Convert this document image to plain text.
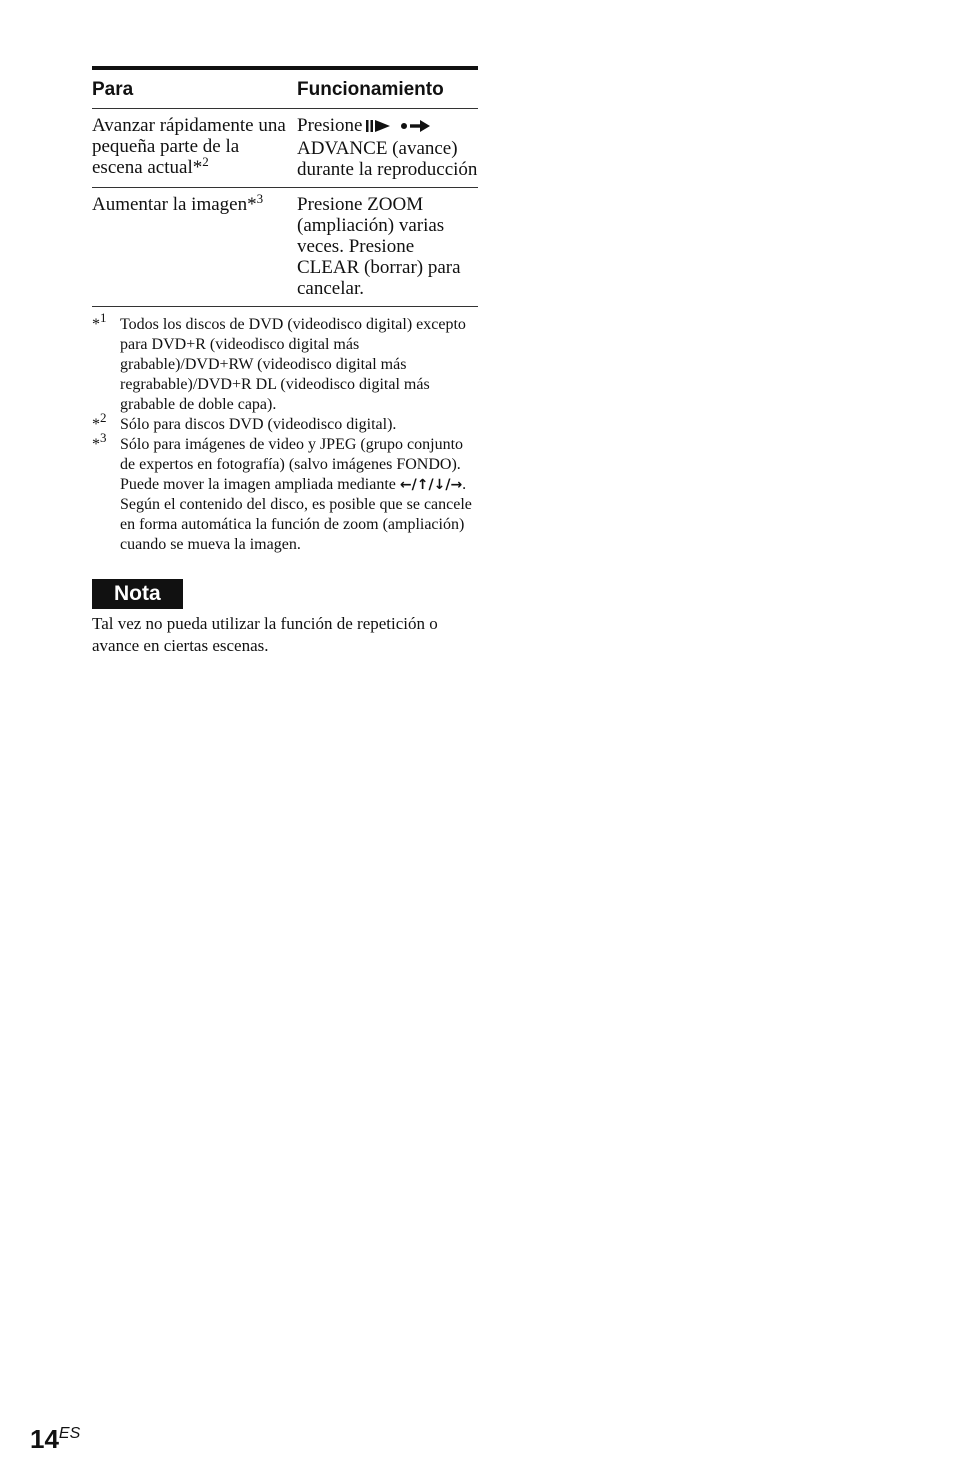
Para	Funcionamiento
Avanzar rápidamente una pequeña parte de la escena actual*$^2$	Presione
ADVANCE (avance) durante la reproducción
Aumentar la imagen*$^3$	Presione ZOOM (ampliación) varias veces. Presione CLEAR (borrar) para cancelar.
*$^1$ Todos los discos de DVD (videodisco digital) excepto para DVD+R (videodisco digital más grabable)/DVD+RW (videodisco digital más regrabable)/DVD+R DL (videodisco digital más grabable de doble capa).
*$^2$ Sólo para discos DVD (videodisco digital).
*$^3$ Sólo para imágenes de video y JPEG (grupo conjunto de expertos en fotografía) (salvo imágenes FONDO). Puede mover la imagen ampliada mediante ←/↑/↓/→. Según el contenido del disco, es posible que se cancele en forma automática la función de zoom (ampliación) cuando se mueva la imagen.
Nota
Tal vez no pueda utilizar la función de repetición o avance en ciertas escenas.
$14^{ES}$
